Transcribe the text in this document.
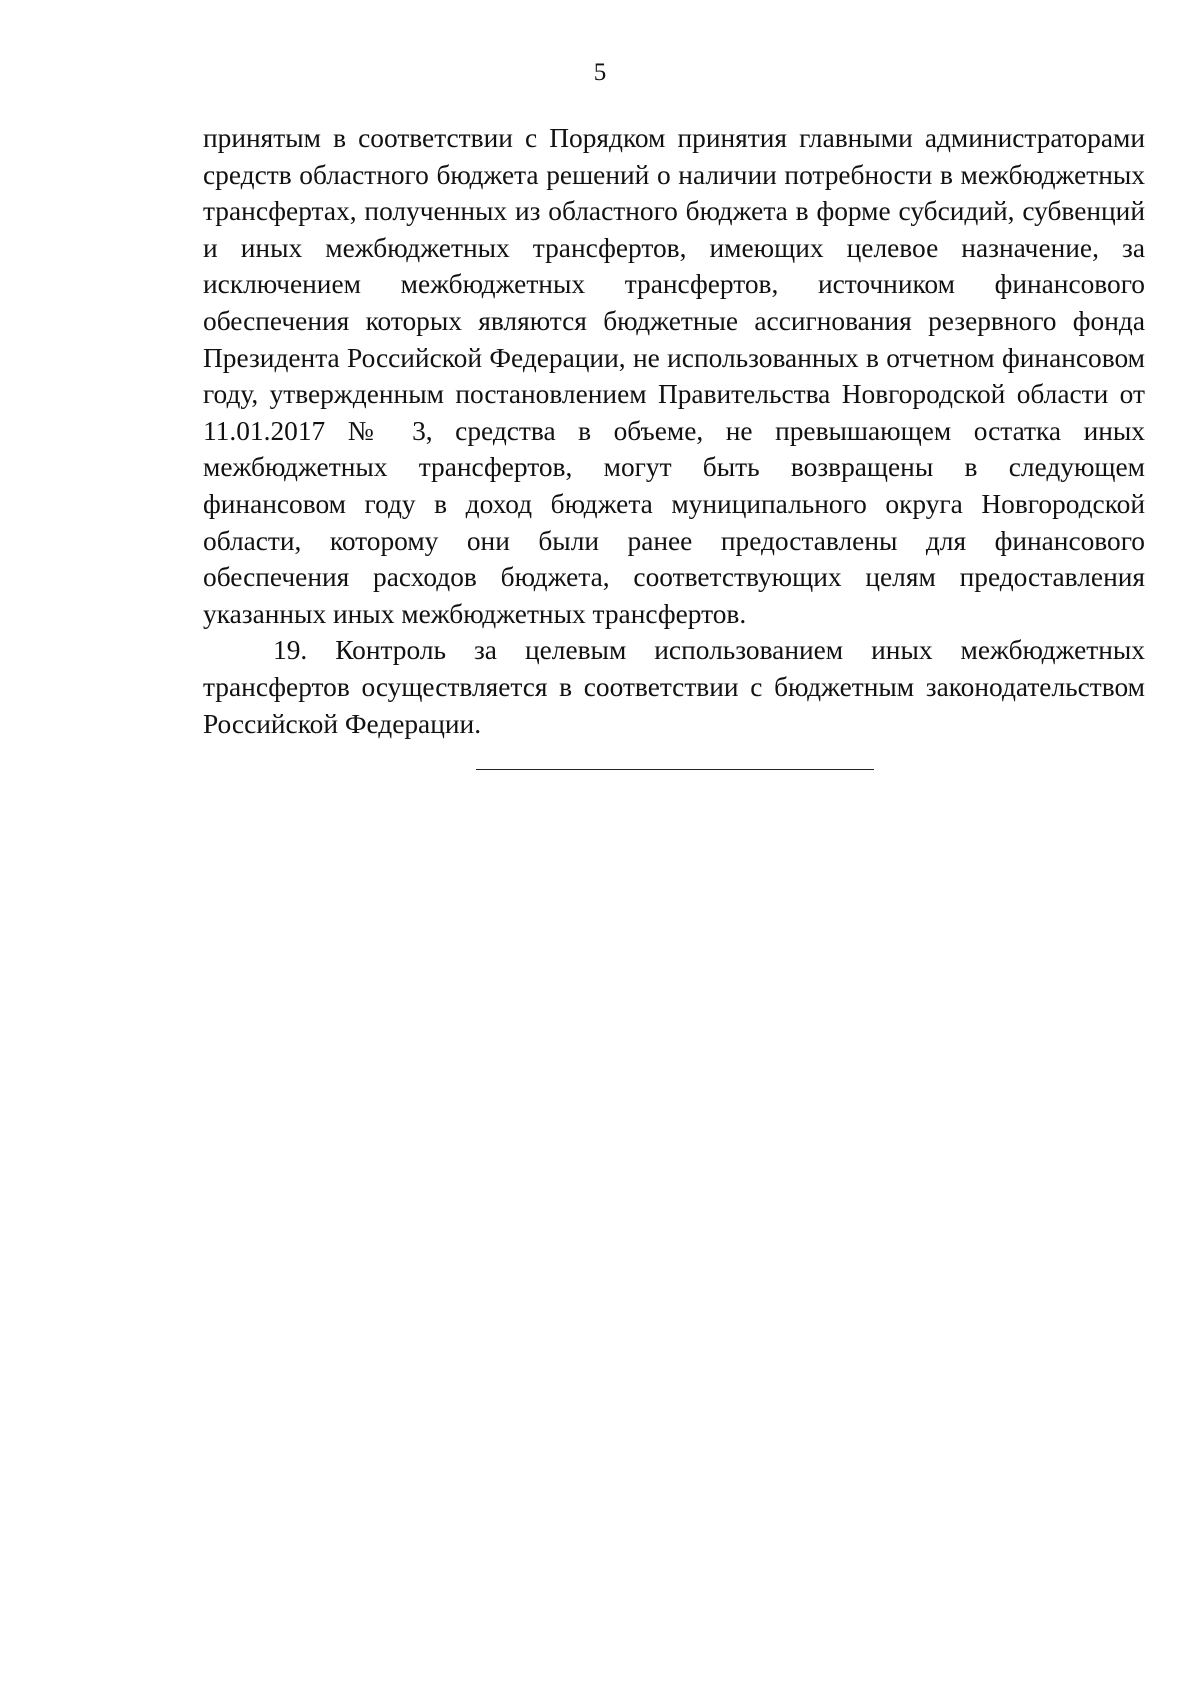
5

принятым в соответствии с Порядком принятия главными администраторами средств областного бюджета решений о наличии потребности в межбюджетных трансфертах, полученных из областного бюджета в форме субсидий, субвенций и иных межбюджетных трансфертов, имеющих целевое назначение, за исключением межбюджетных трансфертов, источником финансового обеспечения которых являются бюджетные ассигнования резервного фонда Президента Российской Федерации, не использованных в отчетном финансовом году, утвержденным постановлением Правительства Новгородской области от 11.01.2017 № 3, средства в объеме, не превышающем остатка иных межбюджетных трансфертов, могут быть возвращены в следующем финансовом году в доход бюджета муниципального округа Новгородской области, которому они были ранее предоставлены для финансового обеспечения расходов бюджета, соответствующих целям предоставления указанных иных межбюджетных трансфертов.

19. Контроль за целевым использованием иных межбюджетных трансфертов осуществляется в соответствии с бюджетным законодательством Российской Федерации.
